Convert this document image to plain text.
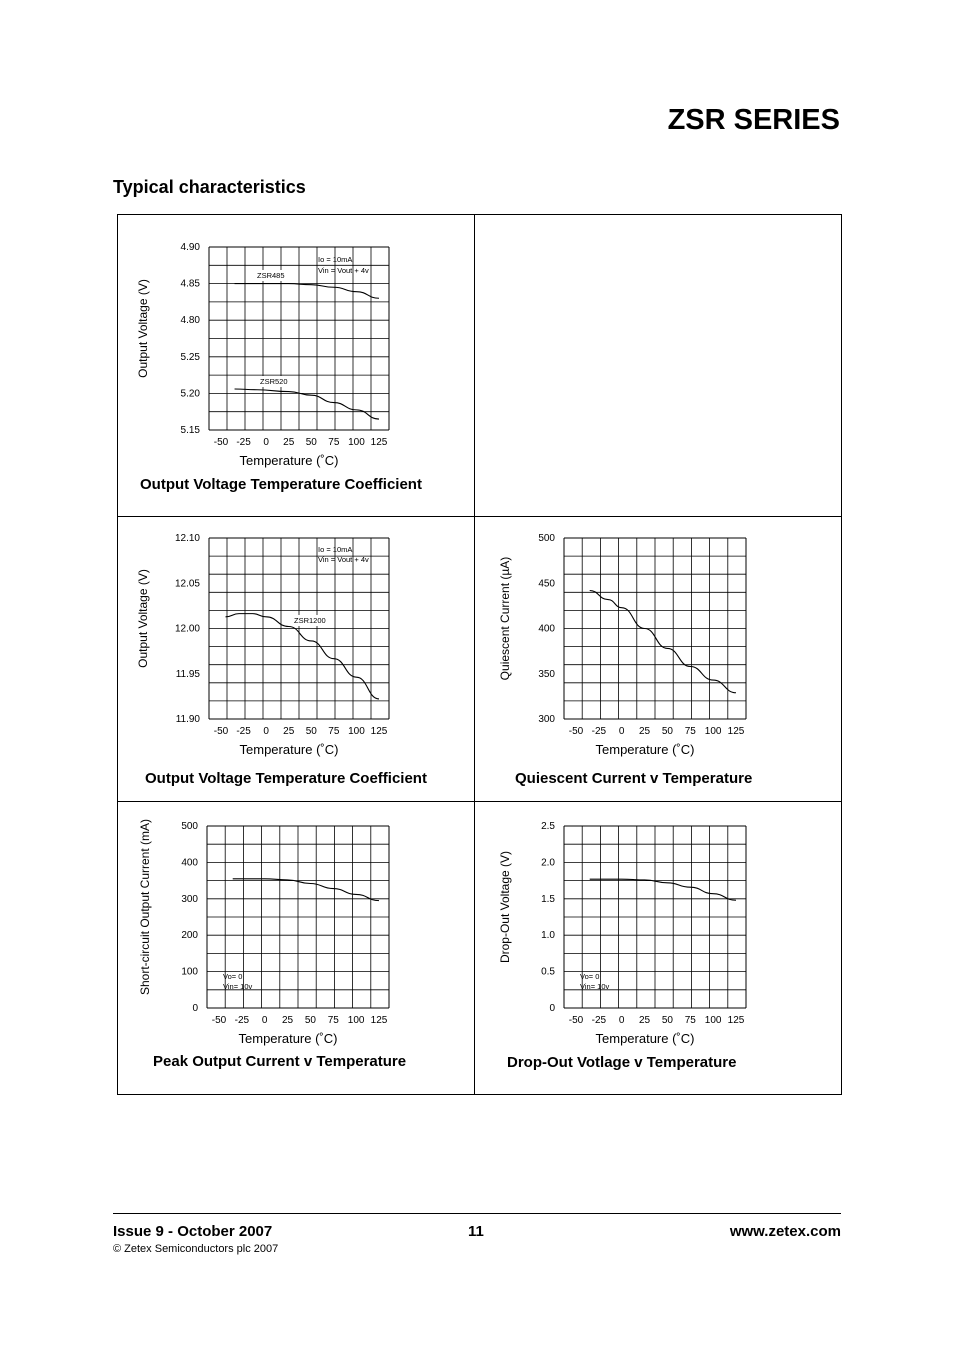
ZSR SERIES
Typical characteristics
-50 -25 0 25 50 75 100 125
4.90
4.85
4.80
5.25
5.20
5.15
Temperature (˚C)
Output Voltage (V)
Io = 10mA
Vin = Vout + 4v
ZSR485
ZSR520
-50 -25 0 25 50 75 100 125
12.10
12.05
12.00
11.95
11.90
Temperature (˚C)
Output Voltage (V)
Io = 10mA
Vin = Vout + 4v
ZSR1200
-50 -25 0 25 50 75 100 125
500
450
400
350
300
Temperature (˚C)
Quiescent Current (µA)
-50 -25 0 25 50 75 100 125
500
400
300
200
100
0
Temperature (˚C)
Short-circuit Output Current (mA)	Vo= 0
Vin= 10v
-50 -25 0 25 50 75 100 125
2.5
2.0
1.5
1.0
0.5
0
Temperature (˚C)
Drop-Out Voltage (V)
Vo= 0
Vin= 10v
Output Voltage Temperature Coefficient
Output Voltage Temperature Coefficient	Quiescent Current v Temperature
Peak Output Current v Temperature	Drop-Out Votlage v Temperature
Issue 9 - October 2007
© Zetex Semiconductors plc 2007
11	www.zetex.com
